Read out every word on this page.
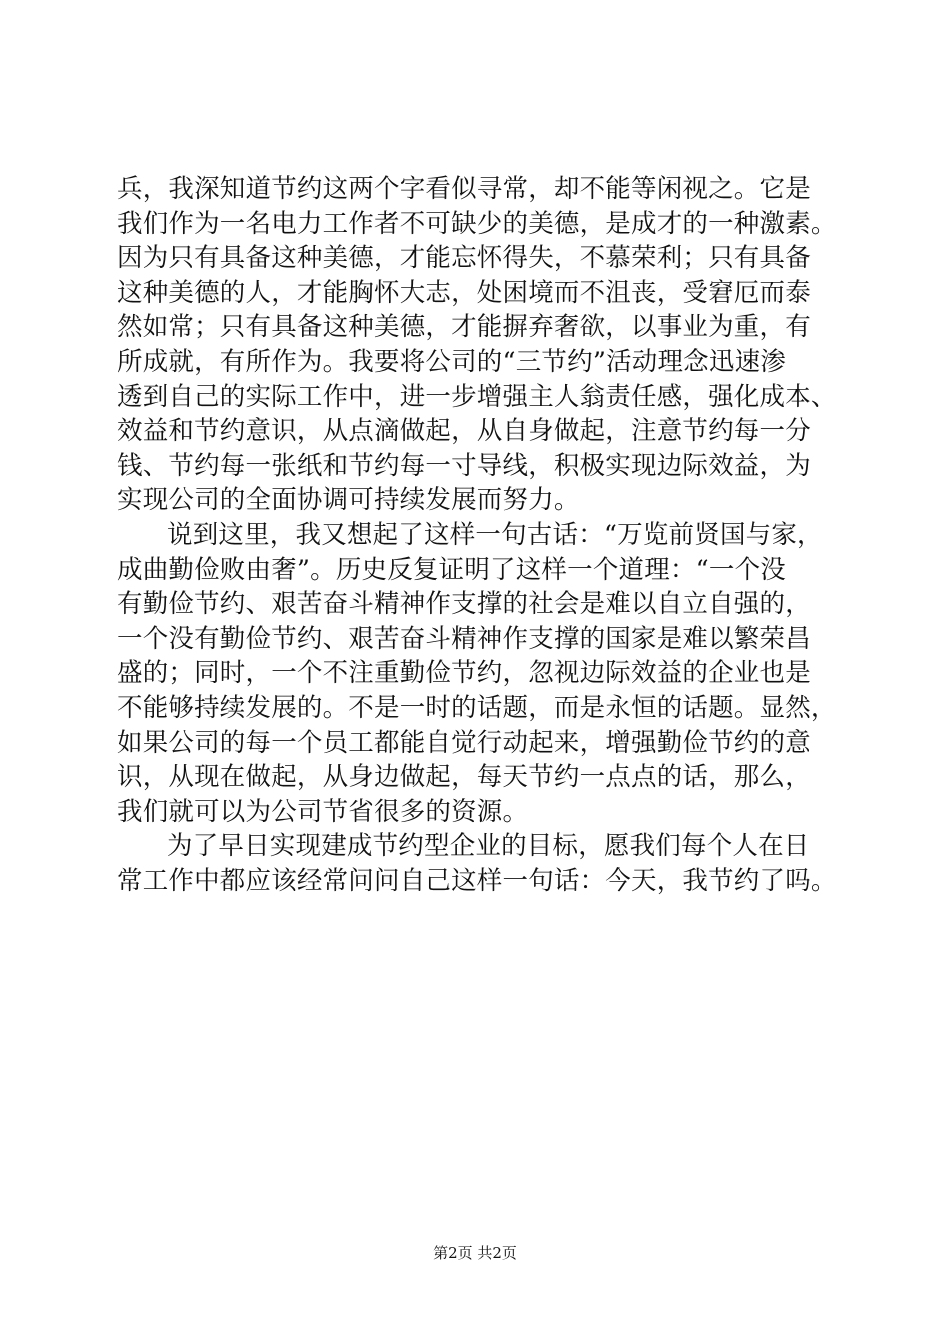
兵，我深知道节约这两个字看似寻常，却不能等闲视之。它是
我们作为一名电力工作者不可缺少的美德，是成才的一种激素。
因为只有具备这种美德，才能忘怀得失，不慕荣利；只有具备
这种美德的人，才能胸怀大志，处困境而不沮丧，受窘厄而泰
然如常；只有具备这种美德，才能摒弃奢欲，以事业为重，有
所成就，有所作为。我要将公司的“三节约”活动理念迅速渗
透到自己的实际工作中，进一步增强主人翁责任感，强化成本、
效益和节约意识，从点滴做起，从自身做起，注意节约每一分
钱、节约每一张纸和节约每一寸导线，积极实现边际效益，为
实现公司的全面协调可持续发展而努力。
说到这里，我又想起了这样一句古话：“万览前贤国与家，
成曲勤俭败由奢”。历史反复证明了这样一个道理：“一个没
有勤俭节约、艰苦奋斗精神作支撑的社会是难以自立自强的，
一个没有勤俭节约、艰苦奋斗精神作支撑的国家是难以繁荣昌
盛的；同时，一个不注重勤俭节约，忽视边际效益的企业也是
不能够持续发展的。不是一时的话题，而是永恒的话题。显然，
如果公司的每一个员工都能自觉行动起来，增强勤俭节约的意
识，从现在做起，从身边做起，每天节约一点点的话，那么，
我们就可以为公司节省很多的资源。
为了早日实现建成节约型企业的目标，愿我们每个人在日
常工作中都应该经常问问自己这样一句话：今天，我节约了吗。
第2页 共2页
